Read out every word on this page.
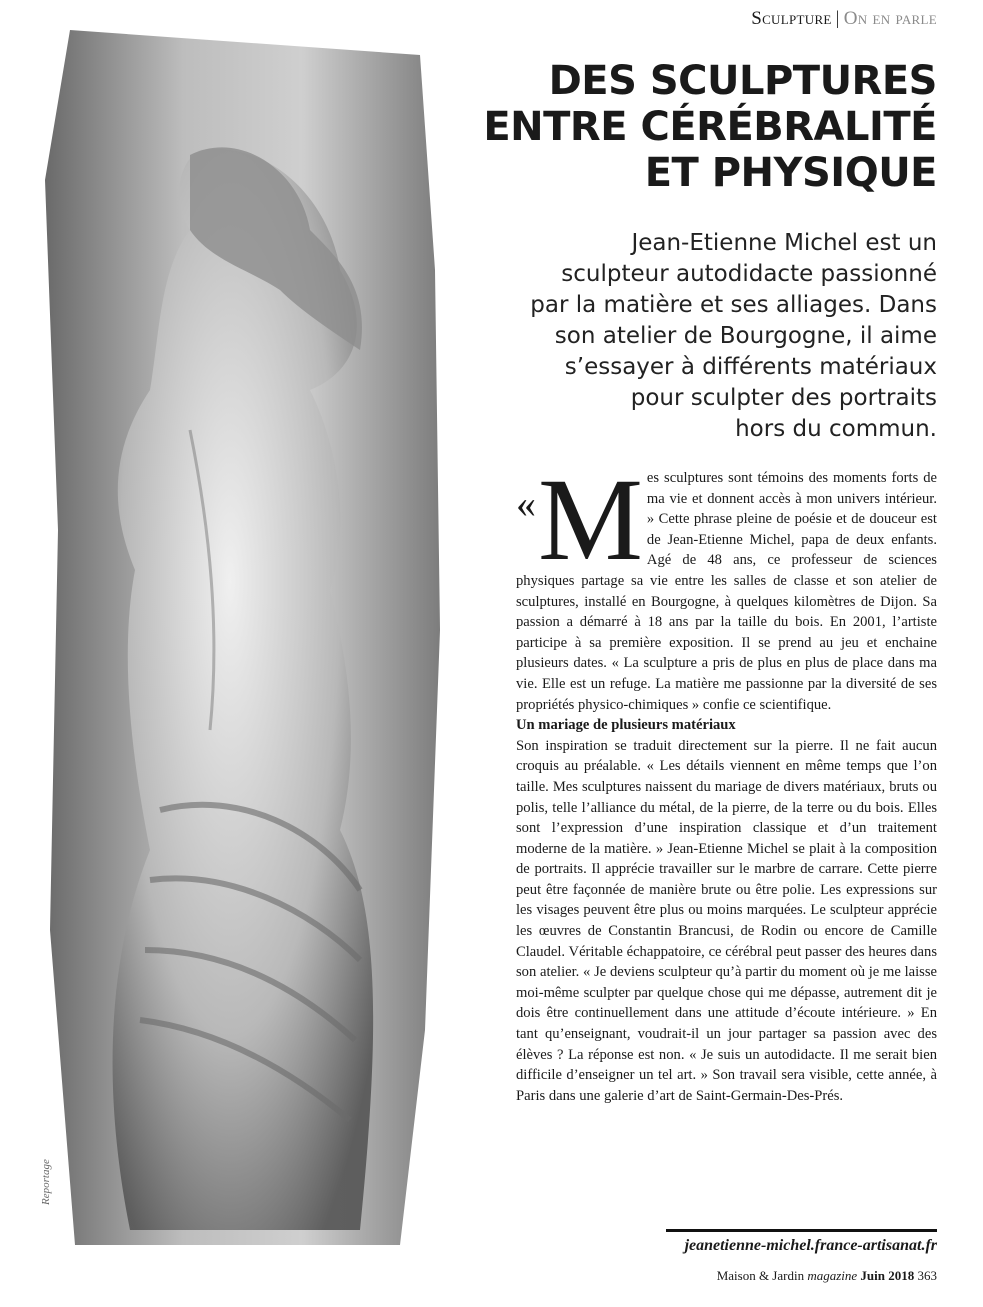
Sculpture | On en parle
Reportage
DES SCULPTURES
ENTRE CÉRÉBRALITÉ
ET PHYSIQUE
Jean-Etienne Michel est un
sculpteur autodidacte passionné
par la matière et ses alliages. Dans
son atelier de Bourgogne, il aime
s’essayer à différents matériaux
pour sculpter des portraits
hors du commun.

«M es sculptures sont témoins des moments forts de ma vie et donnent accès à mon univers intérieur. » Cette phrase pleine de poésie et de douceur est de Jean-Etienne Michel, papa de deux enfants. Agé de 48 ans, ce professeur de sciences physiques partage sa vie entre les salles de classe et son atelier de sculptures, installé en Bourgogne, à quelques kilomètres de Dijon. Sa passion a démarré à 18 ans par la taille du bois. En 2001, l’artiste participe à sa première exposition. Il se prend au jeu et enchaine plusieurs dates. « La sculpture a pris de plus en plus de place dans ma vie. Elle est un refuge. La matière me passionne par la diversité de ses propriétés physico-chimiques » confie ce scientifique.

Un mariage de plusieurs matériaux

Son inspiration se traduit directement sur la pierre. Il ne fait aucun croquis au préalable. « Les détails viennent en même temps que l’on taille. Mes sculptures naissent du mariage de divers matériaux, bruts ou polis, telle l’alliance du métal, de la pierre, de la terre ou du bois. Elles sont l’expression d’une inspiration classique et d’un traitement moderne de la matière. » Jean-Etienne Michel se plait à la composition de portraits. Il apprécie travailler sur le marbre de carrare. Cette pierre peut être façonnée de manière brute ou être polie. Les expressions sur les visages peuvent être plus ou moins marquées. Le sculpteur apprécie les œuvres de Constantin Brancusi, de Rodin ou encore de Camille Claudel. Véritable échappatoire, ce cérébral peut passer des heures dans son atelier. « Je deviens sculpteur qu’à partir du moment où je me laisse moi-même sculpter par quelque chose qui me dépasse, autrement dit je dois être continuellement dans une attitude d’écoute intérieure. » En tant qu’enseignant, voudrait-il un jour partager sa passion avec des élèves ? La réponse est non. « Je suis un autodidacte. Il me serait bien difficile d’enseigner un tel art. » Son travail sera visible, cette année, à Paris dans une galerie d’art de Saint-Germain-Des-Prés.

jeanetienne-michel.france-artisanat.fr
Maison & Jardin magazine Juin 2018 363
